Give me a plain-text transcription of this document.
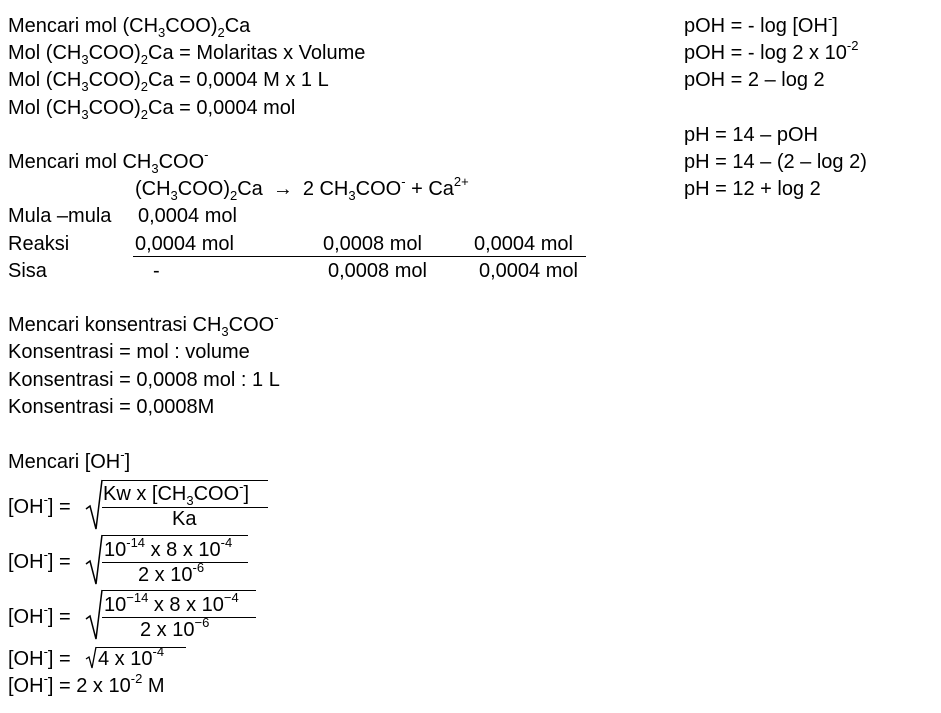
Mencari mol $(CH_3COO)_2Ca$
Mol $(CH_3COO)_2Ca$ = Molaritas x Volume
Mol $(CH_3COO)_2Ca = 0,0004$ M x 1 L
Mol $(CH_3COO)_2Ca = 0,0004$ mol
Mencari mol $CH_3COO^-$
$(CH_3COO)_2Ca \to 2$ $CH_3COO^- + Ca^{2+}$
Mula –mula 0,0004 mol
Reaksi	0,0004 mol	0,0008 mol	0,0004 mol
Sisa	-	0,0008 mol	0,0004 mol
Mencari konsentrasi $CH_3COO^-$
Konsentrasi = mol : volume
Konsentrasi = 0,0008 mol : 1 L
Konsentrasi = 0,0008M
Mencari [OH-]
[OH-] =
Kw x $[CH_3COO^-]$
Ka
[OH-] =
$10^{-14}$ x 8 x $10^{-4}$
2 x $10^{-6}$
[OH-] =
$10^{-14}$ x 8 x $10^{-4}$
2 x $10^{-6}$
[OH-] = 4 x $10^{-4}$
[OH-] = 2 x $10^{-2}$ M
pOH = - log [OH-]
pOH = - log 2 x $10^{-2}$
pOH = 2 – log 2
pH = 14 – pOH
pH = 14 – (2 – log 2)
pH = 12 + log 2
